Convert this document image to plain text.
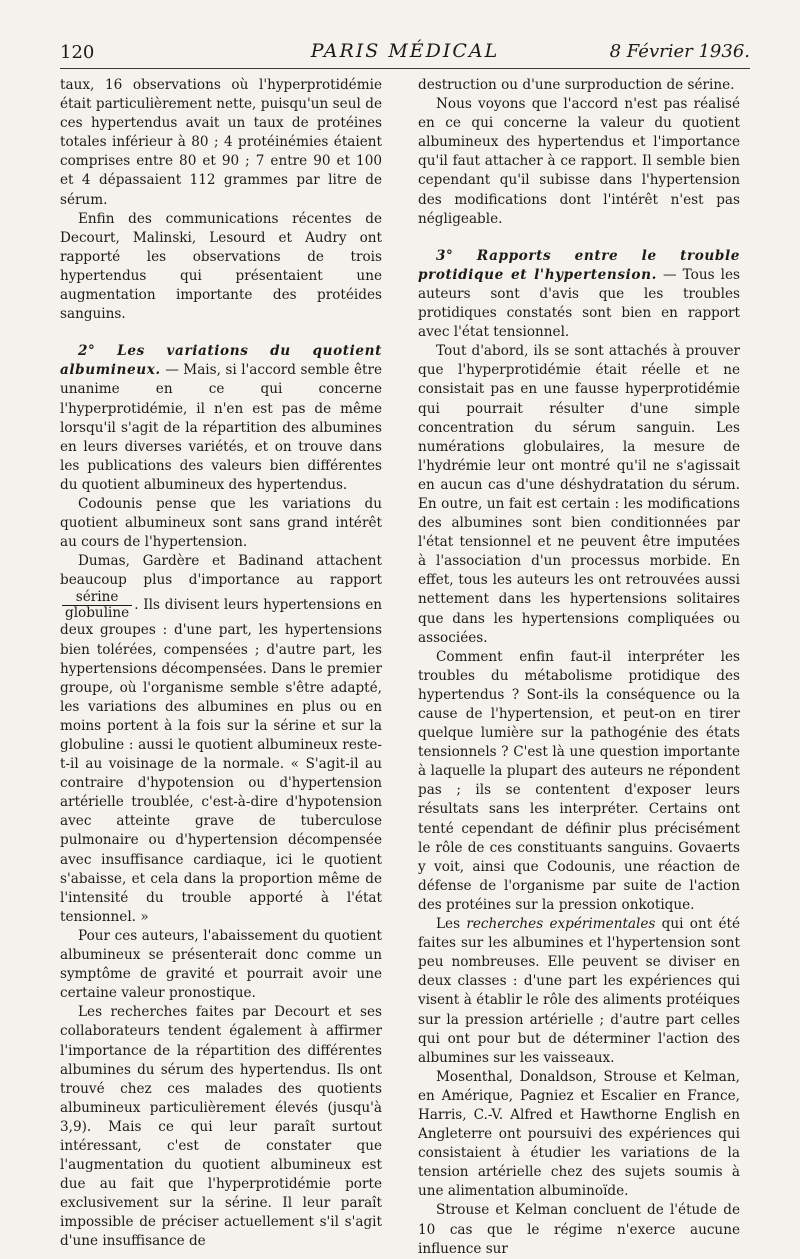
120	PARIS MÉDICAL	8 Février 1936.

taux, 16 observations où l'hyperprotidémie était particulièrement nette, puisqu'un seul de ces hypertendus avait un taux de protéines totales inférieur à 80 ; 4 protéinémies étaient comprises entre 80 et 90 ; 7 entre 90 et 100 et 4 dépassaient 112 grammes par litre de sérum.

Enfin des communications récentes de Decourt, Malinski, Lesourd et Audry ont rapporté les observations de trois hypertendus qui présentaient une augmentation importante des protéides sanguins.

2° Les variations du quotient albumineux. — Mais, si l'accord semble être unanime en ce qui concerne l'hyperprotidémie, il n'en est pas de même lorsqu'il s'agit de la répartition des albumines en leurs diverses variétés, et on trouve dans les publications des valeurs bien différentes du quotient albumineux des hypertendus.

Codounis pense que les variations du quotient albumineux sont sans grand intérêt au cours de l'hypertension.

Dumas, Gardère et Badinand attachent beaucoup plus d'importance au rapport
$\frac{\text{sérine}}{\text{globuline}}$ . Ils divisent leurs hypertensions en deux groupes : d'une part, les hypertensions bien tolérées, compensées ; d'autre part, les hypertensions décompensées. Dans le premier groupe, où l'organisme semble s'être adapté, les variations des albumines en plus ou en moins portent à la fois sur la sérine et sur la globuline : aussi le quotient albumineux reste-t-il au voisinage de la normale. « S'agit-il au contraire d'hypotension ou d'hypertension artérielle troublée, c'est-à-dire d'hypotension avec atteinte grave de tuberculose pulmonaire ou d'hypertension décompensée avec insuffisance cardiaque, ici le quotient s'abaisse, et cela dans la proportion même de l'intensité du trouble apporté à l'état tensionnel. »

Pour ces auteurs, l'abaissement du quotient albumineux se présenterait donc comme un symptôme de gravité et pourrait avoir une certaine valeur pronostique.

Les recherches faites par Decourt et ses collaborateurs tendent également à affirmer l'importance de la répartition des différentes albumines du sérum des hypertendus. Ils ont trouvé chez ces malades des quotients albumineux particulièrement élevés (jusqu'à 3,9). Mais ce qui leur paraît surtout intéressant, c'est de constater que l'augmentation du quotient albumineux est due au fait que l'hyperprotidémie porte exclusivement sur la sérine. Il leur paraît impossible de préciser actuellement s'il s'agit d'une insuffisance de

destruction ou d'une surproduction de sérine.

Nous voyons que l'accord n'est pas réalisé en ce qui concerne la valeur du quotient albumineux des hypertendus et l'importance qu'il faut attacher à ce rapport. Il semble bien cependant qu'il subisse dans l'hypertension des modifications dont l'intérêt n'est pas négligeable.

3° Rapports entre le trouble protidique et l'hypertension. — Tous les auteurs sont d'avis que les troubles protidiques constatés sont bien en rapport avec l'état tensionnel.

Tout d'abord, ils se sont attachés à prouver que l'hyperprotidémie était réelle et ne consistait pas en une fausse hyperprotidémie qui pourrait résulter d'une simple concentration du sérum sanguin. Les numérations globulaires, la mesure de l'hydrémie leur ont montré qu'il ne s'agissait en aucun cas d'une déshydratation du sérum. En outre, un fait est certain : les modifications des albumines sont bien conditionnées par l'état tensionnel et ne peuvent être imputées à l'association d'un processus morbide. En effet, tous les auteurs les ont retrouvées aussi nettement dans les hypertensions solitaires que dans les hypertensions compliquées ou associées.

Comment enfin faut-il interpréter les troubles du métabolisme protidique des hypertendus ? Sont-ils la conséquence ou la cause de l'hypertension, et peut-on en tirer quelque lumière sur la pathogénie des états tensionnels ? C'est là une question importante à laquelle la plupart des auteurs ne répondent pas ; ils se contentent d'exposer leurs résultats sans les interpréter. Certains ont tenté cependant de définir plus précisément le rôle de ces constituants sanguins. Govaerts y voit, ainsi que Codounis, une réaction de défense de l'organisme par suite de l'action des protéines sur la pression onkotique.

Les recherches expérimentales qui ont été faites sur les albumines et l'hypertension sont peu nombreuses. Elle peuvent se diviser en deux classes : d'une part les expériences qui visent à établir le rôle des aliments protéiques sur la pression artérielle ; d'autre part celles qui ont pour but de déterminer l'action des albumines sur les vaisseaux.

Mosenthal, Donaldson, Strouse et Kelman, en Amérique, Pagniez et Escalier en France, Harris, C.-V. Alfred et Hawthorne English en Angleterre ont poursuivi des expériences qui consistaient à étudier les variations de la tension artérielle chez des sujets soumis à une alimentation albuminoïde.

Strouse et Kelman concluent de l'étude de 10 cas que le régime n'exerce aucune influence sur
